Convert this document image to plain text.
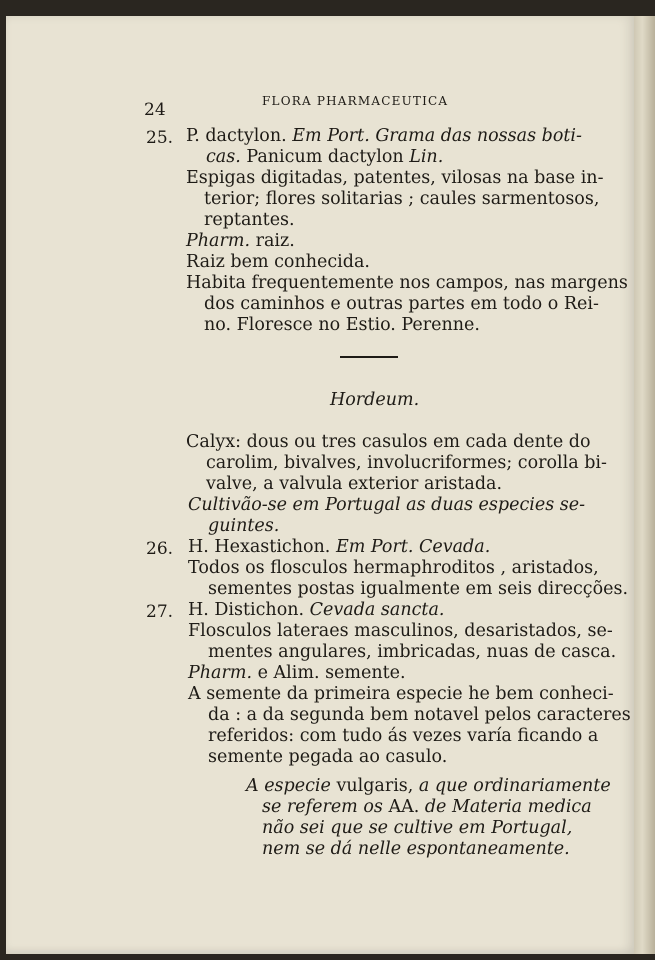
24	FLORA PHARMACEUTICA
25. P. dactylon. Em Port. Grama das nossas boti-
cas. Panicum dactylon Lin.
Espigas digitadas, patentes, vilosas na base in-
terior; flores solitarias ; caules sarmentosos,
reptantes.
Pharm. raiz.
Raiz bem conhecida.
Habita frequentemente nos campos, nas margens
dos caminhos e outras partes em todo o Rei-
no. Floresce no Estio. Perenne.
Hordeum.
Calyx: dous ou tres casulos em cada dente do
carolim, bivalves, involucriformes; corolla bi-
valve, a valvula exterior aristada.
Cultivão-se em Portugal as duas especies se-
guintes.
26. H. Hexastichon. Em Port. Cevada.
Todos os flosculos hermaphroditos , aristados,
sementes postas igualmente em seis direcções.
27. H. Distichon. Cevada sancta.
Flosculos lateraes masculinos, desaristados, se-
mentes angulares, imbricadas, nuas de casca.
Pharm. e Alim. semente.
A semente da primeira especie he bem conheci-
da : a da segunda bem notavel pelos caracteres
referidos: com tudo ás vezes varía ficando a
semente pegada ao casulo.
A especie vulgaris, a que ordinariamente
se referem os AA. de Materia medica
não sei que se cultive em Portugal,
nem se dá nelle espontaneamente.
